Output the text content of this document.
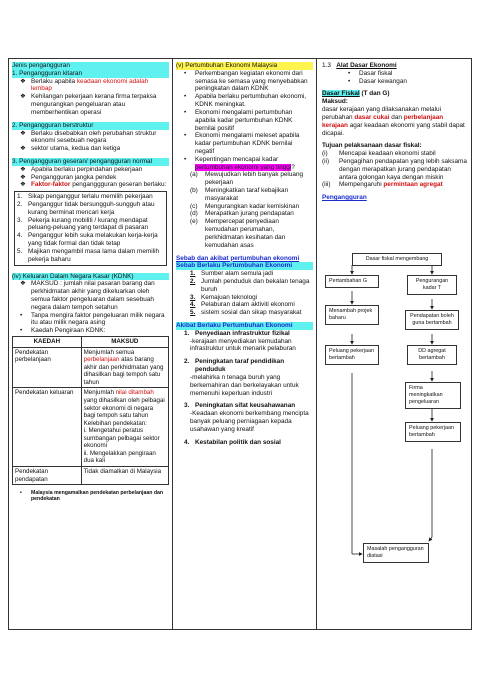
Jenis pengangguran

1. Pengangguran kitaran

❖ Berlaku apabila keadaan ekonomi adalah lembap
❖ Kehilangan pekerjaan kerana firma terpaksa mengurangkan pengeluaran atau memberhentikan operasi

2. Pengangguran berstruktur

❖ Berlaku disebabkan oleh perubahan struktur ekonomi sesebuah negara
❖ sektor utama, kedua dan ketiga

3. Pengangguran geseran/ pengangguran normal

❖ Apabila berlaku perpindahan pekerjaan
❖ Pengangguran jangka pendek
❖ Faktor-faktor penganggguran geseran berlaku:
1. Sikap penganggur terlalu memilih pekerjaan
2. Penganggur tidak bersungguh-sungguh atau kurang berminat mencari kerja
3. Pekerja kurang mobiliti / kurang mendapat peluang-peluang yang terdapat di pasaran
4. Penganggur lebih suka melakukan kerja-kerja yang tidak formal dan tidak tetap
5. Majikan mengambil masa lama dalam memilih pekerja baharu

(iv) Keluaran Dalam Negara Kasar (KDNK)

❖ MAKSUD : jumlah nilai pasaran barang dan perkhidmatan akhir yang dikeluarkan oleh semua faktor pengeluaran dalam sesebuah negara dalam tempoh setahun
•	Tanpa mengira faktor pengeluaran milik negara itu atau milik negara asing
•	Kaedah Pengiraan KDNK:
KAEDAH	MAKSUD
Pendekatan perbelanjaan	Menjumlah semua perbelanjaan atas barang akhir dan perkhidmatan yang dihasilkan bagi tempoh satu tahun
Pendekatan keluaran	Menjumlah nilai ditambah yang dihasilkan oleh pelbagai sektor ekonomi di negara bagi tempoh satu tahun
Kelebihan pendekatan:
i. Mengetahui peratus sumbangan pelbagai sektor ekonomi
ii. Mengelakkan pengiraan dua kali

Pendekatan pendapatan	Tidak diamalkan di Malaysia
•	Malaysia mengamalkan pendekatan perbelanjaan dan pendekatan

(v) Pertumbuhan Ekonomi Malaysia

•	Perkembangan kegiatan ekonomi dari semasa ke semasa yang menyebabkan peningkatan dalam KDNK
•	Apabila berlaku pertumbuhan ekonomi, KDNK meningkat.
•	Ekonomi mengalami pertumbuhan apabila kadar pertumbuhan KDNK bernilai positif
•	Ekonomi mengalami meleset apabila kadar pertumbuhan KDNK bernilai negatif
•	Kepentingan mencapai kadar pertumbuhan ekonomi yang tinggi?
(a)	Mewujudkan lebih banyak peluang pekerjaan
(b)	Meningkatkan taraf kebajikan masyarakat
(c)	Mengurangkan kadar kemiskinan
(d)	Merapatkan jurang pendapatan
(e)	Mempercepat penyediaan kemudahan perumahan, perkhidmatan kesihatan dan kemudahan asas

Sebab dan akibat pertumbuhan ekonomi

Sebab Berlaku Pertumbuhan Ekonomi

1. Sumber alam semula jadi
2. Jumlah penduduk dan bekalan tenaga buruh
3. Kemajuan teknologi
4. Pelaburan dalam aktiviti ekonomi
5. sistem sosial dan sikap masyarakat

Akibat Berlaku Pertumbuhan Ekonomi

1. Penyediaan infrastruktur fizikal

-kerajaan menyediakan kemudahan infrastruktur untuk menarik pelaburan

2. Peningkatan taraf pendidikan penduduk

-melahirka n tenaga buruh yang berkemahiran dan berkelayakan untuk memenuhi keperluan industri

3. Peningkatan sifat keusahawanan

-Keadaan ekonomi berkembang mencipta banyak peluang perniagaan kepada usahawan yang kreatif

4. Kestabilan politik dan sosial

1.3 Alat Dasar Ekonomi

•	Dasar fiskal
•	Dasar kewangan

Dasar Fiskal (T dan G)

Maksud:

dasar kerajaan yang dilaksanakan melalui perubahan dasar cukai dan perbelanjaan kerajaan agar keadaan ekonomi yang stabil dapat dicapai.

Tujuan pelaksanaan dasar fiskal:

(i)	Mencapai keadaan ekonomi stabil
(ii)	Pengagihan pendapatan yang lebih saksama dengan merapatkan jurang pendapatan antara golongan kaya dengan miskin
(iii)	Mempengaruhi permintaan agregat

Pengangguran

Dasar fiskal mengembang
Pertambahan G	Pengurangan kadar T
Menambah projek baharu	Pendapatan boleh guna bertambah
Peluang pekerjaan bertambah
DD agregat bertambah
Firma meningkatkan pengeluaran
Peluang pekerjaan bertambah
Masalah pengangguran diatasi
